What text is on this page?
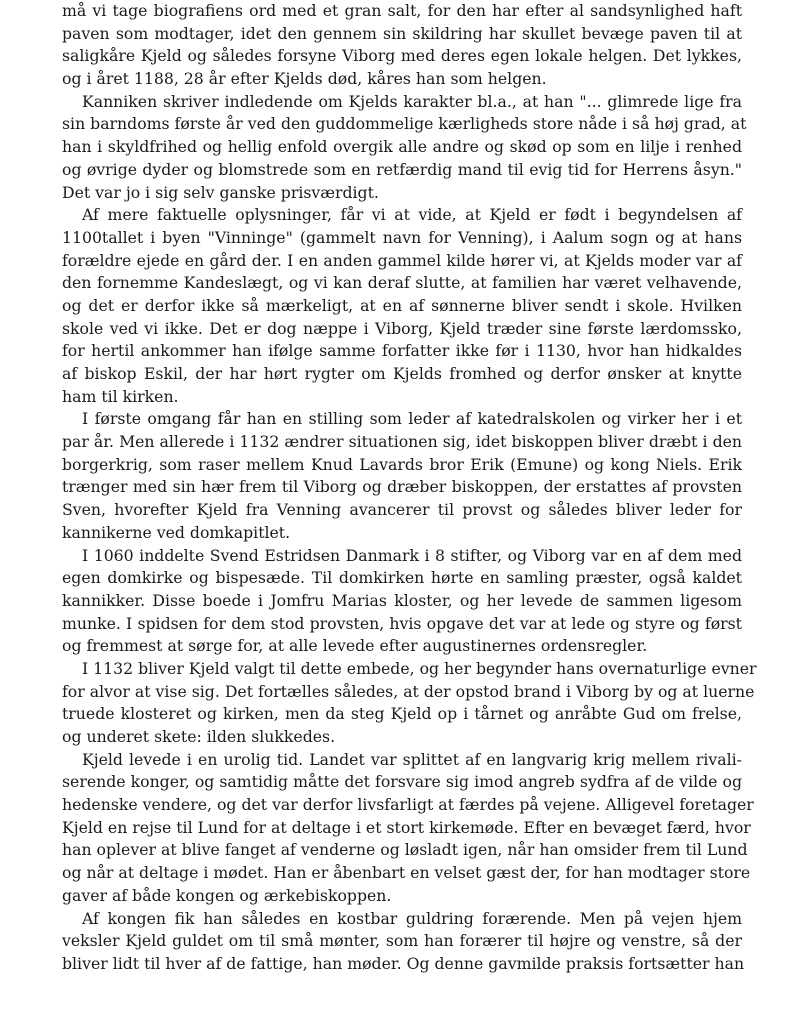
må vi tage biografiens ord med et gran salt, for den har efter al sandsynlighed haft
paven som modtager, idet den gennem sin skildring har skullet bevæge paven til at
saligkåre Kjeld og således forsyne Viborg med deres egen lokale helgen. Det lykkes,
og i året 1188, 28 år efter Kjelds død, kåres han som helgen.
Kanniken skriver indledende om Kjelds karakter bl.a., at han "... glimrede lige fra
sin barndoms første år ved den guddommelige kærligheds store nåde i så høj grad, at
han i skyldfrihed og hellig enfold overgik alle andre og skød op som en lilje i renhed
og øvrige dyder og blomstrede som en retfærdig mand til evig tid for Herrens åsyn."
Det var jo i sig selv ganske prisværdigt.
Af mere faktuelle oplysninger, får vi at vide, at Kjeld er født i begyndelsen af
1100tallet i byen "Vinninge" (gammelt navn for Venning), i Aalum sogn og at hans
forældre ejede en gård der. I en anden gammel kilde hører vi, at Kjelds moder var af
den fornemme Kandeslægt, og vi kan deraf slutte, at familien har været velhavende,
og det er derfor ikke så mærkeligt, at en af sønnerne bliver sendt i skole. Hvilken
skole ved vi ikke. Det er dog næppe i Viborg, Kjeld træder sine første lærdomssko,
for hertil ankommer han ifølge samme forfatter ikke før i 1130, hvor han hidkaldes
af biskop Eskil, der har hørt rygter om Kjelds fromhed og derfor ønsker at knytte
ham til kirken.
I første omgang får han en stilling som leder af katedralskolen og virker her i et
par år. Men allerede i 1132 ændrer situationen sig, idet biskoppen bliver dræbt i den
borgerkrig, som raser mellem Knud Lavards bror Erik (Emune) og kong Niels. Erik
trænger med sin hær frem til Viborg og dræber biskoppen, der erstattes af provsten
Sven, hvorefter Kjeld fra Venning avancerer til provst og således bliver leder for
kannikerne ved domkapitlet.
I 1060 inddelte Svend Estridsen Danmark i 8 stifter, og Viborg var en af dem med
egen domkirke og bispesæde. Til domkirken hørte en samling præster, også kaldet
kannikker. Disse boede i Jomfru Marias kloster, og her levede de sammen ligesom
munke. I spidsen for dem stod provsten, hvis opgave det var at lede og styre og først
og fremmest at sørge for, at alle levede efter augustinernes ordensregler.
I 1132 bliver Kjeld valgt til dette embede, og her begynder hans overnaturlige evner
for alvor at vise sig. Det fortælles således, at der opstod brand i Viborg by og at luerne
truede klosteret og kirken, men da steg Kjeld op i tårnet og anråbte Gud om frelse,
og underet skete: ilden slukkedes.
Kjeld levede i en urolig tid. Landet var splittet af en langvarig krig mellem rivali-
serende konger, og samtidig måtte det forsvare sig imod angreb sydfra af de vilde og
hedenske vendere, og det var derfor livsfarligt at færdes på vejene. Alligevel foretager
Kjeld en rejse til Lund for at deltage i et stort kirkemøde. Efter en bevæget færd, hvor
han oplever at blive fanget af venderne og løsladt igen, når han omsider frem til Lund
og når at deltage i mødet. Han er åbenbart en velset gæst der, for han modtager store
gaver af både kongen og ærkebiskoppen.
Af kongen fik han således en kostbar guldring forærende. Men på vejen hjem
veksler Kjeld guldet om til små mønter, som han forærer til højre og venstre, så der
bliver lidt til hver af de fattige, han møder. Og denne gavmilde praksis fortsætter han
